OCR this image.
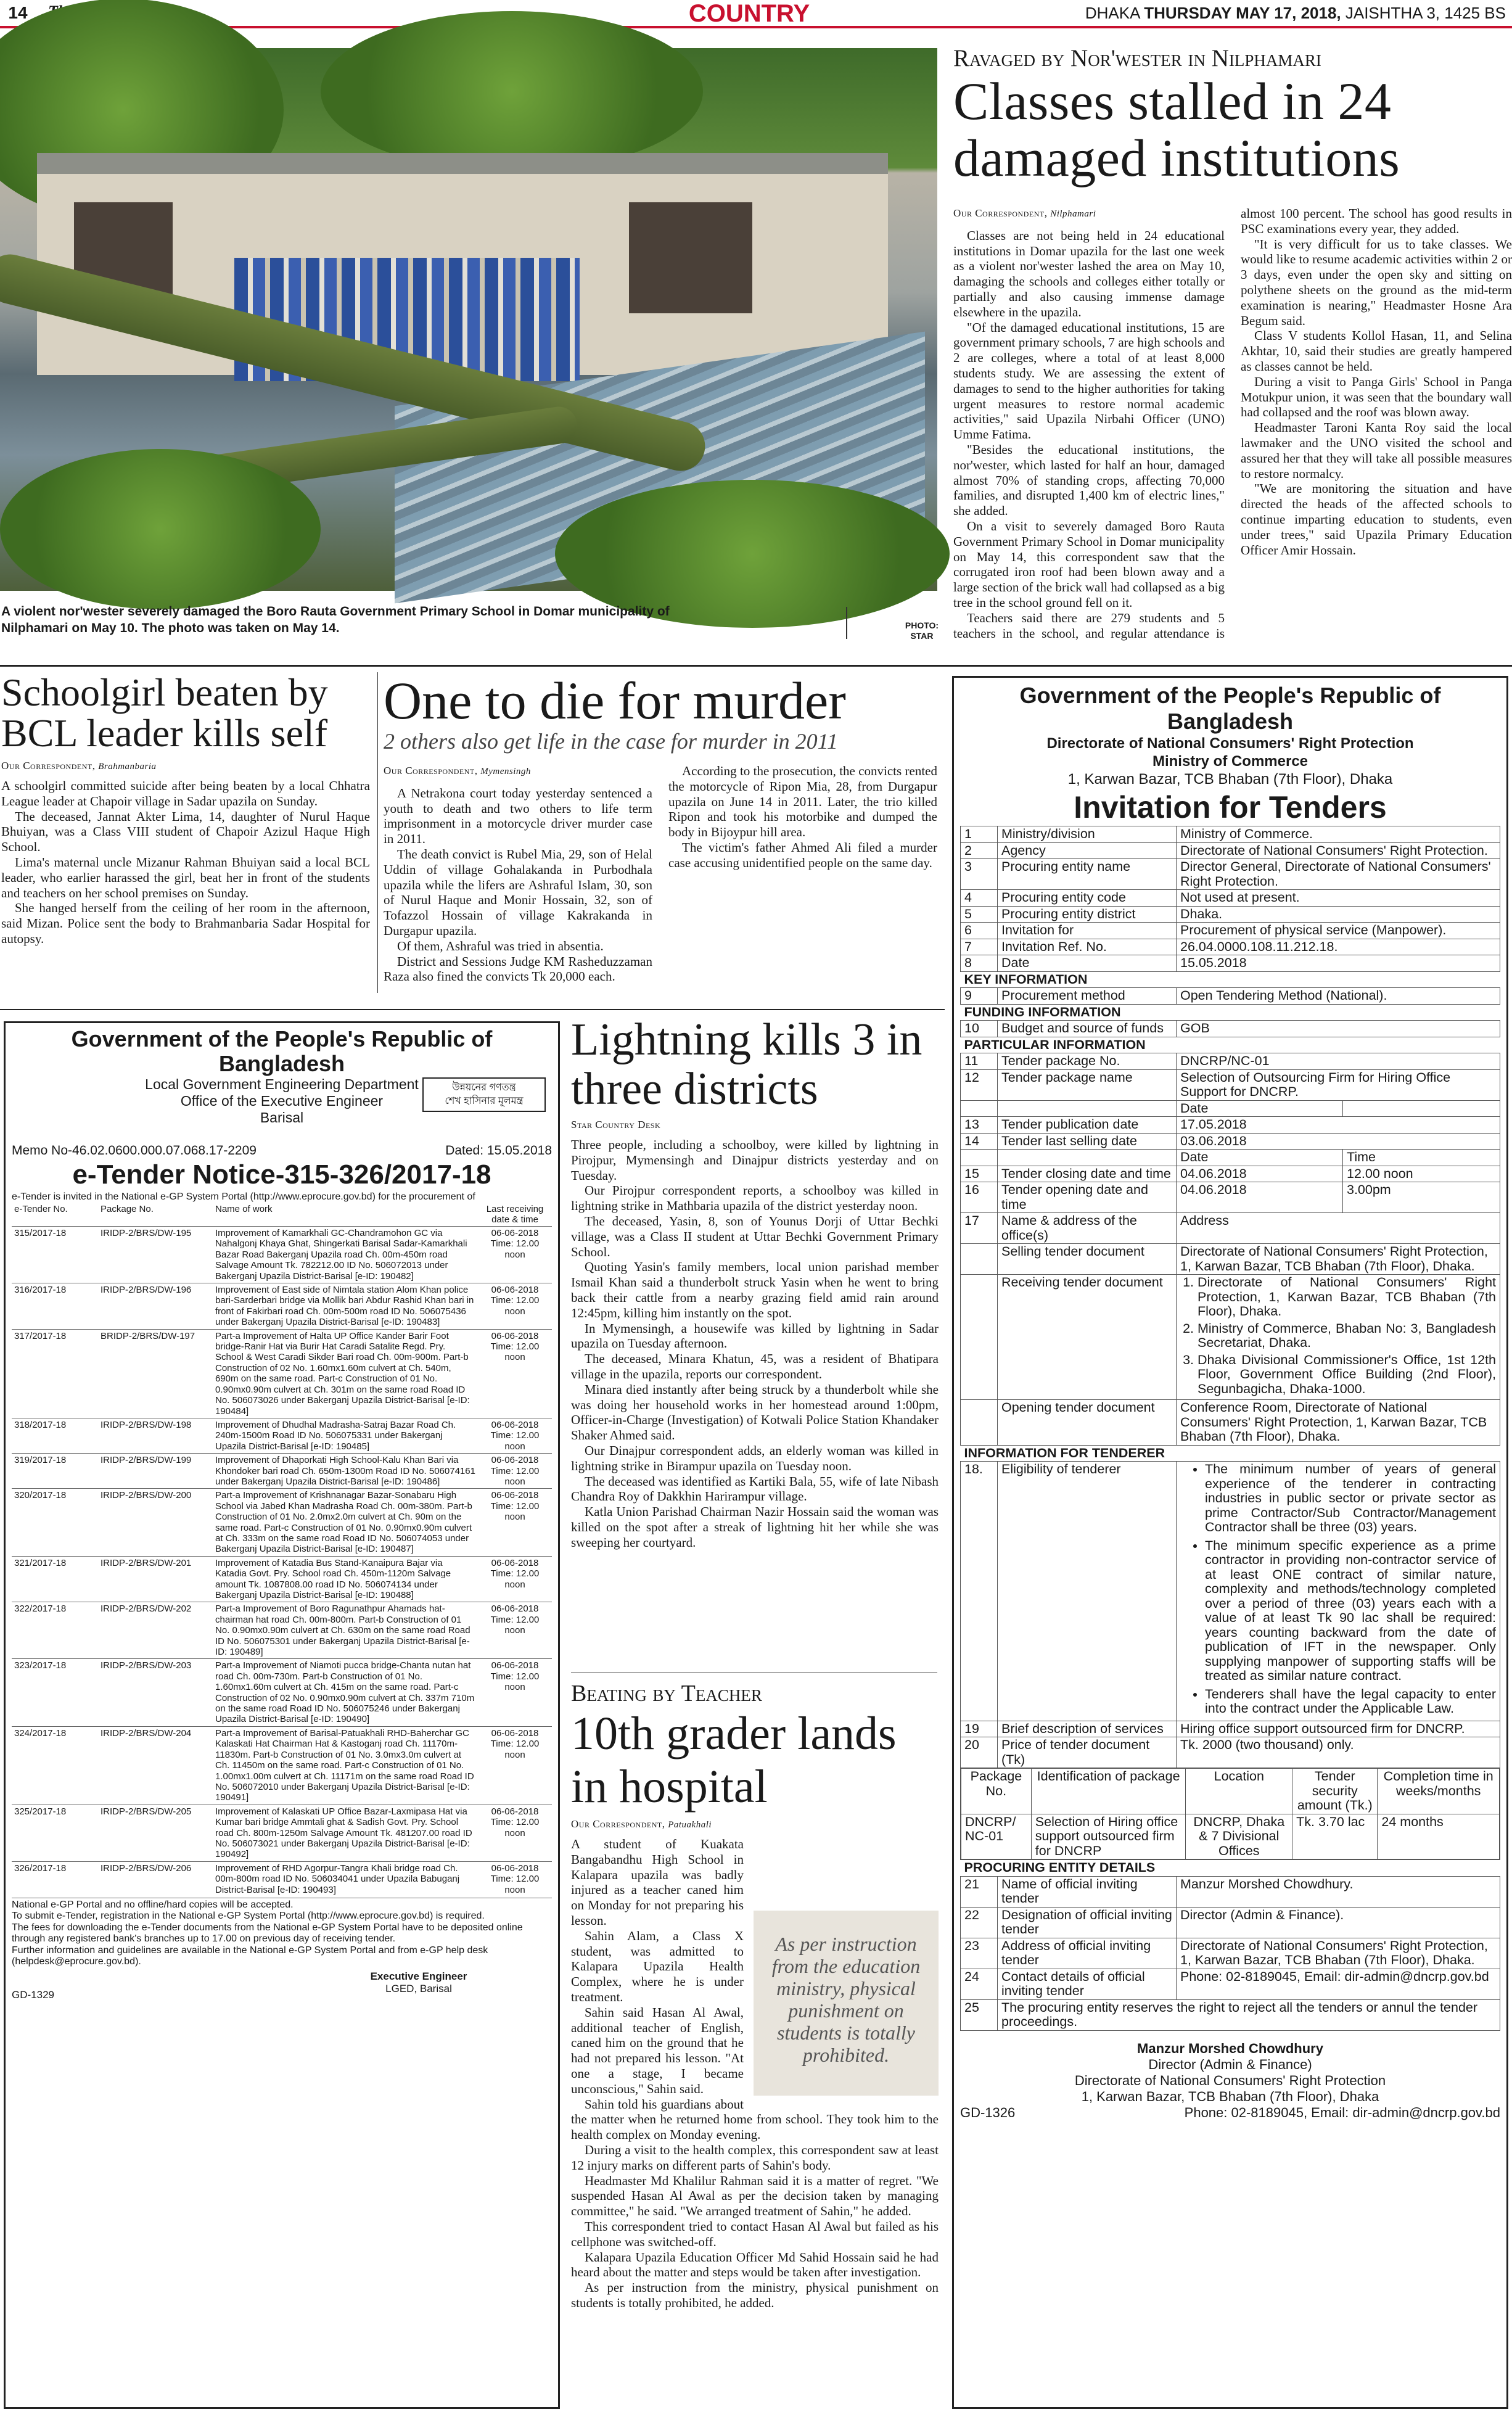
14	COUNTRY	DHAKA THURSDAY MAY 17, 2018, JAISHTHA 3, 1425 BS
A violent nor'wester severely damaged the Boro Rauta Government Primary School in Domar municipality of Nilphamari on May 10. The photo was taken on May 14.	PHOTO:
STAR
Ravaged by Nor'wester in Nilphamari
Classes stalled in 24 damaged institutions
Our Correspondent, Nilphamari

Classes are not being held in 24 educational institutions in Domar upazila for the last one week as a violent nor'wester lashed the area on May 10, damaging the schools and colleges either totally or partially and also causing immense damage elsewhere in the upazila.

"Of the damaged educational institutions, 15 are government primary schools, 7 are high schools and 2 are colleges, where a total of at least 8,000 students study. We are assessing the extent of damages to send to the higher authorities for taking urgent measures to restore normal academic activities," said Upazila Nirbahi Officer (UNO) Umme Fatima.

"Besides the educational institutions, the nor'wester, which lasted for half an hour, damaged almost 70% of standing crops, affecting 70,000 families, and disrupted 1,400 km of electric lines," she added.

On a visit to severely damaged Boro Rauta Government Primary School in Domar municipality on May 14, this correspondent saw that the corrugated iron roof had been blown away and a large section of the brick wall had collapsed as a big tree in the school ground fell on it.

Teachers said there are 279 students and 5 teachers in the school, and regular attendance is almost 100 percent. The school has good results in PSC examinations every year, they added.

"It is very difficult for us to take classes. We would like to resume academic activities within 2 or 3 days, even under the open sky and sitting on polythene sheets on the ground as the mid-term examination is nearing," Headmaster Hosne Ara Begum said.

Class V students Kollol Hasan, 11, and Selina Akhtar, 10, said their studies are greatly hampered as classes cannot be held.

During a visit to Panga Girls' School in Panga Motukpur union, it was seen that the boundary wall had collapsed and the roof was blown away.

Headmaster Taroni Kanta Roy said the local lawmaker and the UNO visited the school and assured her that they will take all possible measures to restore normalcy.

"We are monitoring the situation and have directed the heads of the affected schools to continue imparting education to students, even under trees," said Upazila Primary Education Officer Amir Hossain.

Schoolgirl beaten by BCL leader kills self
Our Correspondent, Brahmanbaria

A schoolgirl committed suicide after being beaten by a local Chhatra League leader at Chapoir village in Sadar upazila on Sunday.

The deceased, Jannat Akter Lima, 14, daughter of Nurul Haque Bhuiyan, was a Class VIII student of Chapoir Azizul Haque High School.

Lima's maternal uncle Mizanur Rahman Bhuiyan said a local BCL leader, who earlier harassed the girl, beat her in front of the students and teachers on her school premises on Sunday.

She hanged herself from the ceiling of her room in the afternoon, said Mizan. Police sent the body to Brahmanbaria Sadar Hospital for autopsy.

One to die for murder
2 others also get life in the case for murder in 2011
Our Correspondent, Mymensingh

A Netrakona court today yesterday sentenced a youth to death and two others to life term imprisonment in a motorcycle driver murder case in 2011.

The death convict is Rubel Mia, 29, son of Helal Uddin of village Gohalakanda in Purbodhala upazila while the lifers are Ashraful Islam, 30, son of Nurul Haque and Monir Hossain, 32, son of Tofazzol Hossain of village Kakrakanda in Durgapur upazila.

Of them, Ashraful was tried in absentia.

District and Sessions Judge KM Rasheduzzaman Raza also fined the convicts Tk 20,000 each.

According to the prosecution, the convicts rented the motorcycle of Ripon Mia, 28, from Durgapur upazila on June 14 in 2011. Later, the trio killed Ripon and took his motorbike and dumped the body in Bijoypur hill area.

The victim's father Ahmed Ali filed a murder case accusing unidentified people on the same day.

Government of the People's Republic of Bangladesh
Local Government Engineering Department
Office of the Executive Engineer
Barisal
উন্নয়নের গণতন্ত্র
শেখ হাসিনার মূলমন্ত্র
Memo No-46.02.0600.000.07.068.17-2209	Dated: 15.05.2018
e-Tender Notice-315-326/2017-18
e-Tender is invited in the National e-GP System Portal (http://www.eprocure.gov.bd) for the procurement of
e-Tender No.	Package No.	Name of work	Last receiving date & time
315/2017-18	IRIDP-2/BRS/DW-195	Improvement of Kamarkhali GC-Chandramohon GC via Nahalgonj Khaya Ghat, Shingerkati Barisal Sadar-Kamarkhali Bazar Road Bakerganj Upazila road Ch. 00m-450m road Salvage Amount Tk. 782212.00 ID No. 506072013 under Bakerganj Upazila District-Barisal [e-ID: 190482]	06-06-2018 Time: 12.00 noon
316/2017-18	IRIDP-2/BRS/DW-196	Improvement of East side of Nimtala station Alom Khan police bari-Sarderbari bridge via Mollik bari Abdur Rashid Khan bari in front of Fakirbari road Ch. 00m-500m road ID No. 506075436 under Bakerganj Upazila District-Barisal [e-ID: 190483]	06-06-2018 Time: 12.00 noon
317/2017-18	BRIDP-2/BRS/DW-197	Part-a Improvement of Halta UP Office Kander Barir Foot bridge-Ranir Hat via Burir Hat Caradi Satalite Regd. Pry. School & West Caradi Sikder Bari road Ch. 00m-900m. Part-b Construction of 02 No. 1.60mx1.60m culvert at Ch. 540m, 690m on the same road. Part-c Construction of 01 No. 0.90mx0.90m culvert at Ch. 301m on the same road Road ID No. 506073026 under Bakerganj Upazila District-Barisal [e-ID: 190484]	06-06-2018 Time: 12.00 noon
318/2017-18	IRIDP-2/BRS/DW-198	Improvement of Dhudhal Madrasha-Satraj Bazar Road Ch. 240m-1500m Road ID No. 506075331 under Bakerganj Upazila District-Barisal [e-ID: 190485]	06-06-2018 Time: 12.00 noon
319/2017-18	IRIDP-2/BRS/DW-199	Improvement of Dhaporkati High School-Kalu Khan Bari via Khondoker bari road Ch. 650m-1300m Road ID No. 506074161 under Bakerganj Upazila District-Barisal [e-ID: 190486]	06-06-2018 Time: 12.00 noon
320/2017-18	IRIDP-2/BRS/DW-200	Part-a Improvement of Krishnanagar Bazar-Sonabaru High School via Jabed Khan Madrasha Road Ch. 00m-380m. Part-b Construction of 01 No. 2.0mx2.0m culvert at Ch. 90m on the same road. Part-c Construction of 01 No. 0.90mx0.90m culvert at Ch. 333m on the same road Road ID No. 506074053 under Bakerganj Upazila District-Barisal [e-ID: 190487]	06-06-2018 Time: 12.00 noon
321/2017-18	IRIDP-2/BRS/DW-201	Improvement of Katadia Bus Stand-Kanaipura Bajar via Katadia Govt. Pry. School road Ch. 450m-1120m Salvage amount Tk. 1087808.00 road ID No. 506074134 under Bakerganj Upazila District-Barisal [e-ID: 190488]	06-06-2018 Time: 12.00 noon
322/2017-18	IRIDP-2/BRS/DW-202	Part-a Improvement of Boro Ragunathpur Ahamads hat- chairman hat road Ch. 00m-800m. Part-b Construction of 01 No. 0.90mx0.90m culvert at Ch. 630m on the same road Road ID No. 506075301 under Bakerganj Upazila District-Barisal [e-ID: 190489]	06-06-2018 Time: 12.00 noon
323/2017-18	IRIDP-2/BRS/DW-203	Part-a Improvement of Niamoti pucca bridge-Chanta nutan hat road Ch. 00m-730m. Part-b Construction of 01 No. 1.60mx1.60m culvert at Ch. 415m on the same road. Part-c Construction of 02 No. 0.90mx0.90m culvert at Ch. 337m 710m on the same road Road ID No. 506075246 under Bakerganj Upazila District-Barisal [e-ID: 190490]	06-06-2018 Time: 12.00 noon
324/2017-18	IRIDP-2/BRS/DW-204	Part-a Improvement of Barisal-Patuakhali RHD-Baherchar GC Kalaskati Hat Chairman Hat & Kastoganj road Ch. 11170m-11830m. Part-b Construction of 01 No. 3.0mx3.0m culvert at Ch. 11450m on the same road. Part-c Construction of 01 No. 1.00mx1.00m culvert at Ch. 11171m on the same road Road ID No. 506072010 under Bakerganj Upazila District-Barisal [e-ID: 190491]	06-06-2018 Time: 12.00 noon
325/2017-18	IRIDP-2/BRS/DW-205	Improvement of Kalaskati UP Office Bazar-Laxmipasa Hat via Kumar bari bridge Ammtali ghat & Sadish Govt. Pry. School road Ch. 800m-1250m Salvage Amount Tk. 481207.00 road ID No. 506073021 under Bakerganj Upazila District-Barisal [e-ID: 190492]	06-06-2018 Time: 12.00 noon
326/2017-18	IRIDP-2/BRS/DW-206	Improvement of RHD Agorpur-Tangra Khali bridge road Ch. 00m-800m road ID No. 506034041 under Upazila Babuganj District-Barisal [e-ID: 190493]	06-06-2018 Time: 12.00 noon
National e-GP Portal and no offline/hard copies will be accepted.
To submit e-Tender, registration in the National e-GP System Portal (http://www.eprocure.gov.bd) is required.
The fees for downloading the e-Tender documents from the National e-GP System Portal have to be deposited online through any registered bank's branches up to 17.00 on previous day of receiving tender.
Further information and guidelines are available in the National e-GP System Portal and from e-GP help desk (helpdesk@eprocure.gov.bd).
GD-1329
Executive Engineer
LGED, Barisal
Lightning kills 3 in three districts
Star Country Desk

Three people, including a schoolboy, were killed by lightning in Pirojpur, Mymensingh and Dinajpur districts yesterday and on Tuesday.

Our Pirojpur correspondent reports, a schoolboy was killed in lightning strike in Mathbaria upazila of the district yesterday noon.

The deceased, Yasin, 8, son of Younus Dorji of Uttar Bechki village, was a Class II student at Uttar Bechki Government Primary School.

Quoting Yasin's family members, local union parishad member Ismail Khan said a thunderbolt struck Yasin when he went to bring back their cattle from a nearby grazing field amid rain around 12:45pm, killing him instantly on the spot.

In Mymensingh, a housewife was killed by lightning in Sadar upazila on Tuesday afternoon.

The deceased, Minara Khatun, 45, was a resident of Bhatipara village in the upazila, reports our correspondent.

Minara died instantly after being struck by a thunderbolt while she was doing her household works in her homestead around 1:00pm, Officer-in-Charge (Investigation) of Kotwali Police Station Khandaker Shaker Ahmed said.

Our Dinajpur correspondent adds, an elderly woman was killed in lightning strike in Birampur upazila on Tuesday noon.

The deceased was identified as Kartiki Bala, 55, wife of late Nibash Chandra Roy of Dakkhin Harirampur village.

Katla Union Parishad Chairman Nazir Hossain said the woman was killed on the spot after a streak of lightning hit her while she was sweeping her courtyard.

Beating by Teacher
10th grader lands in hospital
Our Correspondent, Patuakhali
As per instruction from the education ministry, physical punishment on students is totally prohibited.

A student of Kuakata Bangabandhu High School in Kalapara upazila was badly injured as a teacher caned him on Monday for not preparing his lesson.

Sahin Alam, a Class X student, was admitted to Kalapara Upazila Health Complex, where he is under treatment.

Sahin said Hasan Al Awal, additional teacher of English, caned him on the ground that he had not prepared his lesson. "At one a stage, I became unconscious," Sahin said.

Sahin told his guardians about the matter when he returned home from school. They took him to the health complex on Monday evening.

During a visit to the health complex, this correspondent saw at least 12 injury marks on different parts of Sahin's body.

Headmaster Md Khalilur Rahman said it is a matter of regret. "We suspended Hasan Al Awal as per the decision taken by managing committee," he said. "We arranged treatment of Sahin," he added.

This correspondent tried to contact Hasan Al Awal but failed as his cellphone was switched-off.

Kalapara Upazila Education Officer Md Sahid Hossain said he had heard about the matter and steps would be taken after investigation.

As per instruction from the ministry, physical punishment on students is totally prohibited, he added.

Government of the People's Republic of Bangladesh
Directorate of National Consumers' Right Protection
Ministry of Commerce
1, Karwan Bazar, TCB Bhaban (7th Floor), Dhaka
Invitation for Tenders
1	Ministry/division	Ministry of Commerce.
2	Agency	Directorate of National Consumers' Right Protection.
3	Procuring entity name	Director General, Directorate of National Consumers' Right Protection.
4	Procuring entity code	Not used at present.
5	Procuring entity district	Dhaka.
6	Invitation for	Procurement of physical service (Manpower).
7	Invitation Ref. No.	26.04.0000.108.11.212.18.
8	Date	15.05.2018
KEY INFORMATION
9	Procurement method	Open Tendering Method (National).
FUNDING INFORMATION
10	Budget and source of funds	GOB
PARTICULAR INFORMATION
11	Tender package No.	DNCRP/NC-01
12	Tender package name	Selection of Outsourcing Firm for Hiring Office Support for DNCRP.
		Date	
13	Tender publication date	17.05.2018
14	Tender last selling date	03.06.2018
		Date	Time
15	Tender closing date and time	04.06.2018	12.00 noon
16	Tender opening date and time	04.06.2018	3.00pm
17	Name & address of the office(s)	Address
	Selling tender document	Directorate of National Consumers' Right Protection, 1, Karwan Bazar, TCB Bhaban (7th Floor), Dhaka.
	Receiving tender document	
1.Directorate of National Consumers' Right Protection, 1, Karwan Bazar, TCB Bhaban (7th Floor), Dhaka.
2. Ministry of Commerce, Bhaban No: 3, Bangladesh Secretariat, Dhaka.
3. Dhaka Divisional Commissioner's Office, 1st 12th Floor, Government Office Building (2nd Floor), Segunbagicha, Dhaka-1000.

	Opening tender document	Conference Room, Directorate of National Consumers' Right Protection, 1, Karwan Bazar, TCB Bhaban (7th Floor), Dhaka.
INFORMATION FOR TENDERER
18.	Eligibility of tenderer	
•The minimum number of years of general experience of the tenderer in contracting industries in public sector or private sector as prime Contractor/Sub Contractor/Management Contractor shall be three (03) years.
• The minimum specific experience as a prime contractor in providing non-contractor service of at least ONE contract of similar nature, complexity and methods/technology completed over a period of three (03) years each with a value of at least Tk 90 lac shall be required: years counting backward from the date of publication of IFT in the newspaper. Only supplying manpower of supporting staffs will be treated as similar nature contract.
• Tenderers shall have the legal capacity to enter into the contract under the Applicable Law.

19	Brief description of services	Hiring office support outsourced firm for DNCRP.
20	Price of tender document (Tk)	Tk. 2000 (two thousand) only.

Package No.	Identification of package	Location	Tender security amount (Tk.)	Completion time in weeks/months
DNCRP/ NC-01	Selection of Hiring office support outsourced firm for DNCRP	DNCRP, Dhaka & 7 Divisional Offices	Tk. 3.70 lac	24 months

PROCURING ENTITY DETAILS
21	Name of official inviting tender	Manzur Morshed Chowdhury.
22	Designation of official inviting tender	Director (Admin & Finance).
23	Address of official inviting tender	Directorate of National Consumers' Right Protection, 1, Karwan Bazar, TCB Bhaban (7th Floor), Dhaka.
24	Contact details of official inviting tender	Phone: 02-8189045, Email: dir-admin@dncrp.gov.bd
25	The procuring entity reserves the right to reject all the tenders or annul the tender proceedings.
Manzur Morshed Chowdhury
Director (Admin & Finance)
Directorate of National Consumers' Right Protection
1, Karwan Bazar, TCB Bhaban (7th Floor), Dhaka
GD-1326	Phone: 02-8189045, Email: dir-admin@dncrp.gov.bd
